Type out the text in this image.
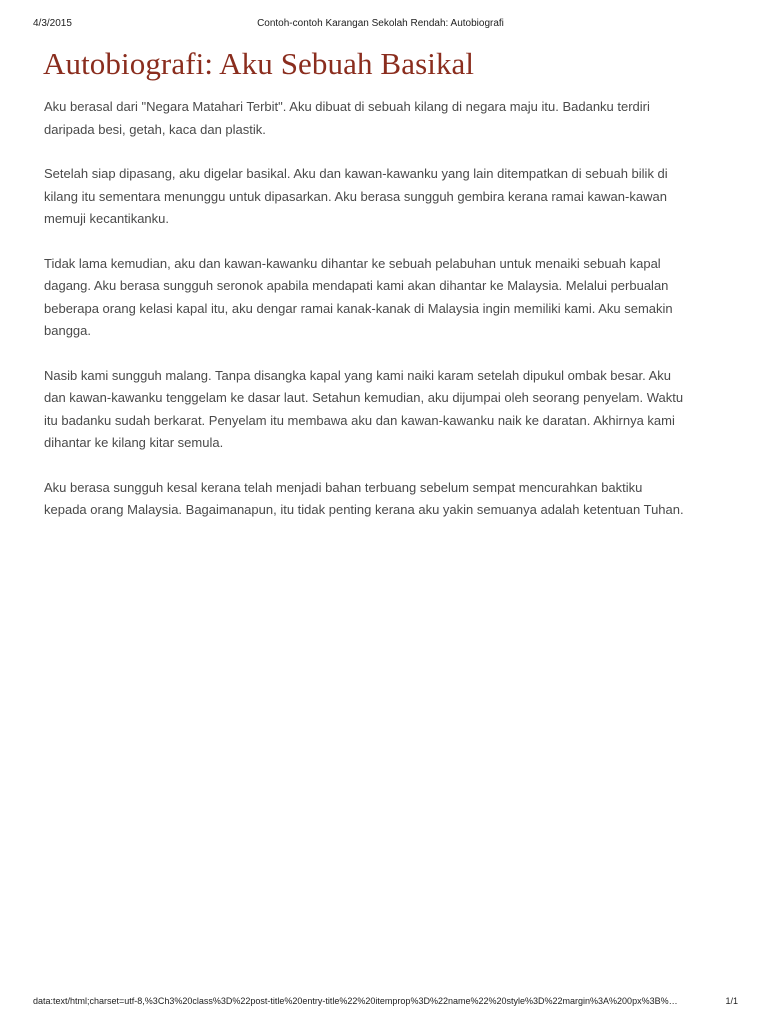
4/3/2015	Contoh-contoh Karangan Sekolah Rendah: Autobiografi
Autobiografi: Aku Sebuah Basikal

Aku berasal dari "Negara Matahari Terbit". Aku dibuat di sebuah kilang di negara maju itu. Badanku terdiri daripada besi, getah, kaca dan plastik.

Setelah siap dipasang, aku digelar basikal. Aku dan kawan-kawanku yang lain ditempatkan di sebuah bilik di kilang itu sementara menunggu untuk dipasarkan. Aku berasa sungguh gembira kerana ramai kawan-kawan memuji kecantikanku.

Tidak lama kemudian, aku dan kawan-kawanku dihantar ke sebuah pelabuhan untuk menaiki sebuah kapal dagang. Aku berasa sungguh seronok apabila mendapati kami akan dihantar ke Malaysia. Melalui perbualan beberapa orang kelasi kapal itu, aku dengar ramai kanak-kanak di Malaysia ingin memiliki kami. Aku semakin bangga.

Nasib kami sungguh malang. Tanpa disangka kapal yang kami naiki karam setelah dipukul ombak besar. Aku dan kawan-kawanku tenggelam ke dasar laut. Setahun kemudian, aku dijumpai oleh seorang penyelam. Waktu itu badanku sudah berkarat. Penyelam itu membawa aku dan kawan-kawanku naik ke daratan. Akhirnya kami dihantar ke kilang kitar semula.

Aku berasa sungguh kesal kerana telah menjadi bahan terbuang sebelum sempat mencurahkan baktiku kepada orang Malaysia. Bagaimanapun, itu tidak penting kerana aku yakin semuanya adalah ketentuan Tuhan.

data:text/html;charset=utf-8,%3Ch3%20class%3D%22post-title%20entry-title%22%20itemprop%3D%22name%22%20style%3D%22margin%3A%200px%3B%…	1/1
